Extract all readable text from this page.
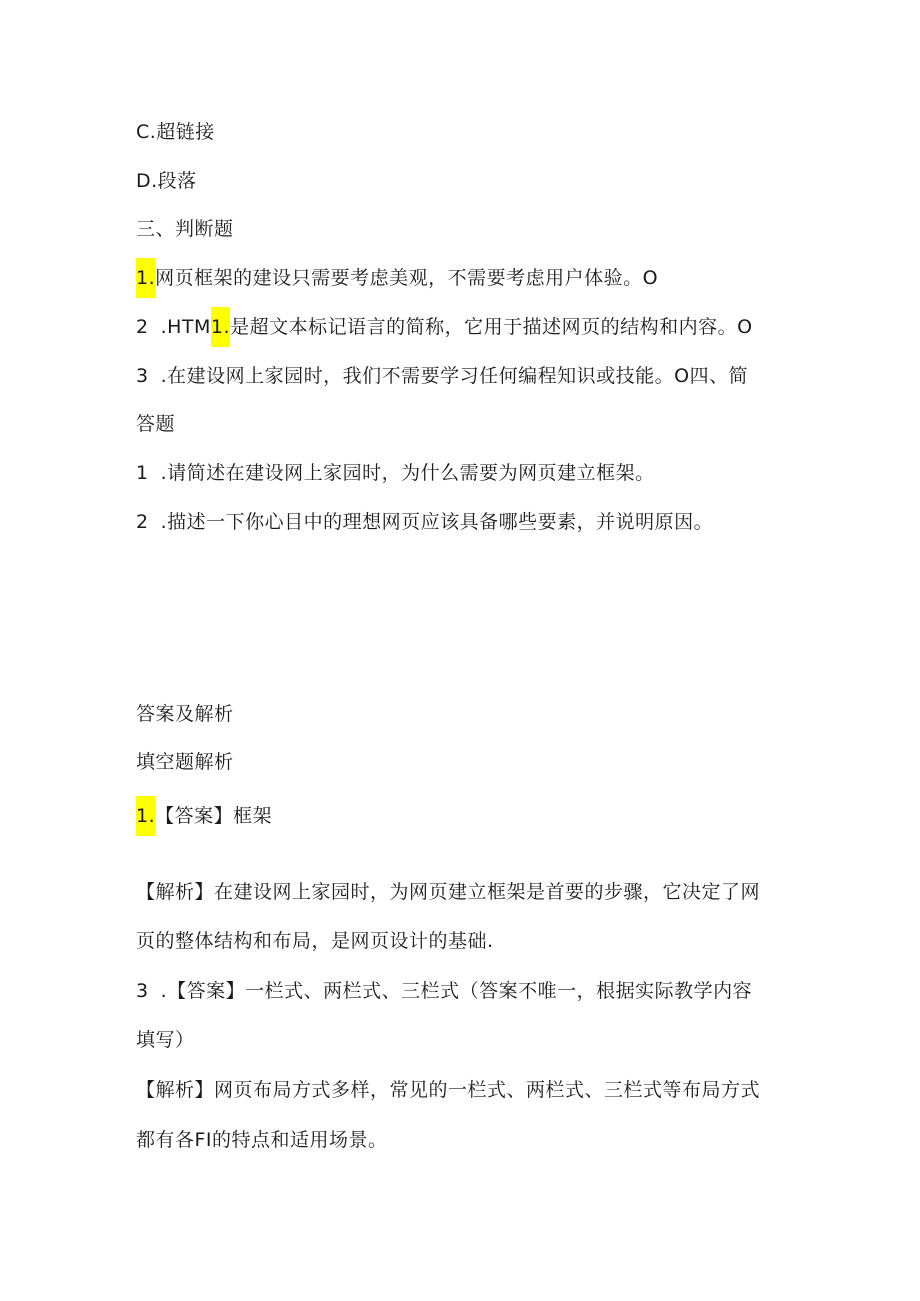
C.超链接
D.段落
三、判断题
1.网页框架的建设只需要考虑美观，不需要考虑用户体验。O
2 .HTM1.是超文本标记语言的简称，它用于描述网页的结构和内容。O
3 .在建设网上家园时，我们不需要学习任何编程知识或技能。O四、简
答题
1 .请简述在建设网上家园时，为什么需要为网页建立框架。
2 .描述一下你心目中的理想网页应该具备哪些要素，并说明原因。
答案及解析
填空题解析
1.【答案】框架
【解析】在建设网上家园时，为网页建立框架是首要的步骤，它决定了网
页的整体结构和布局，是网页设计的基础.
3 .【答案】一栏式、两栏式、三栏式（答案不唯一，根据实际教学内容
填写）
【解析】网页布局方式多样，常见的一栏式、两栏式、三栏式等布局方式
都有各FI的特点和适用场景。
